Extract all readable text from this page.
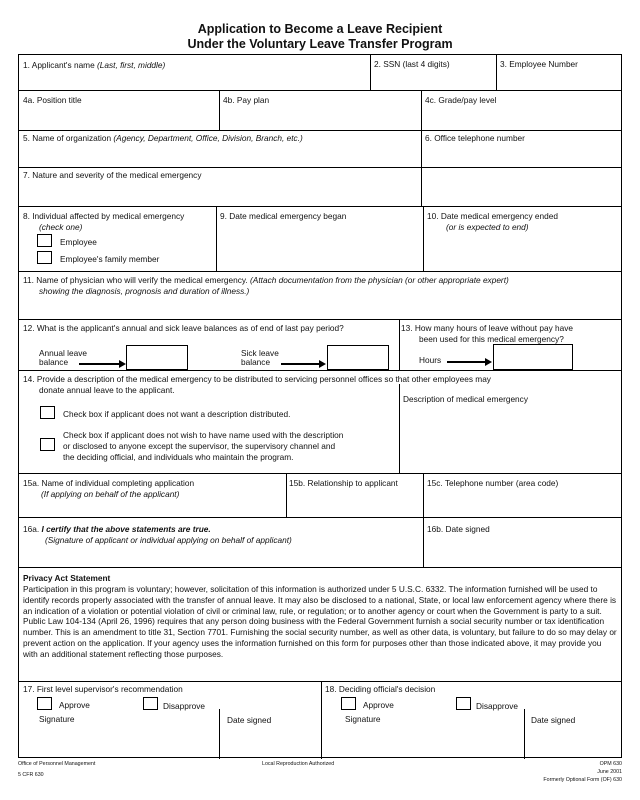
Application to Become a Leave Recipient
Under the Voluntary Leave Transfer Program
1. Applicant's name (Last, first, middle)	2. SSN (last 4 digits)	3. Employee Number
4a. Position title	4b. Pay plan	4c. Grade/pay level
5. Name of organization (Agency, Department, Office, Division, Branch, etc.)	6. Office telephone number
7. Nature and severity of the medical emergency
8. Individual affected by medical emergency
(check one)
Employee
Employee's family member
9. Date medical emergency began	10. Date medical emergency ended
(or is expected to end)
11. Name of physician who will verify the medical emergency. (Attach documentation from the physician (or other appropriate expert)
showing the diagnosis, prognosis and duration of illness.)
12. What is the applicant's annual and sick leave balances as of end of last pay period?
Annual leave
balance
Sick leave
balance
13. How many hours of leave without pay have
been used for this medical emergency?
Hours
14. Provide a description of the medical emergency to be distributed to servicing personnel offices so that other employees may
donate annual leave to the applicant.
Description of medical emergency
Check box if applicant does not want a description distributed.
Check box if applicant does not wish to have name used with the description
or disclosed to anyone except the supervisor, the supervisory channel and
the deciding official, and individuals who maintain the program.
15a. Name of individual completing application
(If applying on behalf of the applicant)
15b. Relationship to applicant	15c. Telephone number (area code)
16a. I certify that the above statements are true.
(Signature of applicant or individual applying on behalf of applicant)
16b. Date signed
Privacy Act Statement
Participation in this program is voluntary; however, solicitation of this information is authorized under 5 U.S.C. 6332. The information furnished will be used to identify records properly associated with the transfer of annual leave. It may also be disclosed to a national, State, or local law enforcement agency where there is an indication of a violation or potential violation of civil or criminal law, rule, or regulation; or to another agency or court when the Government is party to a suit. Public Law 104-134 (April 26, 1996) requires that any person doing business with the Federal Government furnish a social security number or tax identification number. This is an amendment to title 31, Section 7701. Furnishing the social security number, as well as other data, is voluntary, but failure to do so may delay or prevent action on the application. If your agency uses the information furnished on this form for purposes other than those indicated above, it may provide you with an additional statement reflecting those purposes.
17. First level supervisor's recommendation
Approve	Disapprove
Signature	Date signed
18. Deciding official's decision
Approve	Disapprove
Signature	Date signed
Office of Personnel Management
5 CFR 630
Local Reproduction Authorized	OPM 630
June 2001
Formerly Optional Form (OF) 630
